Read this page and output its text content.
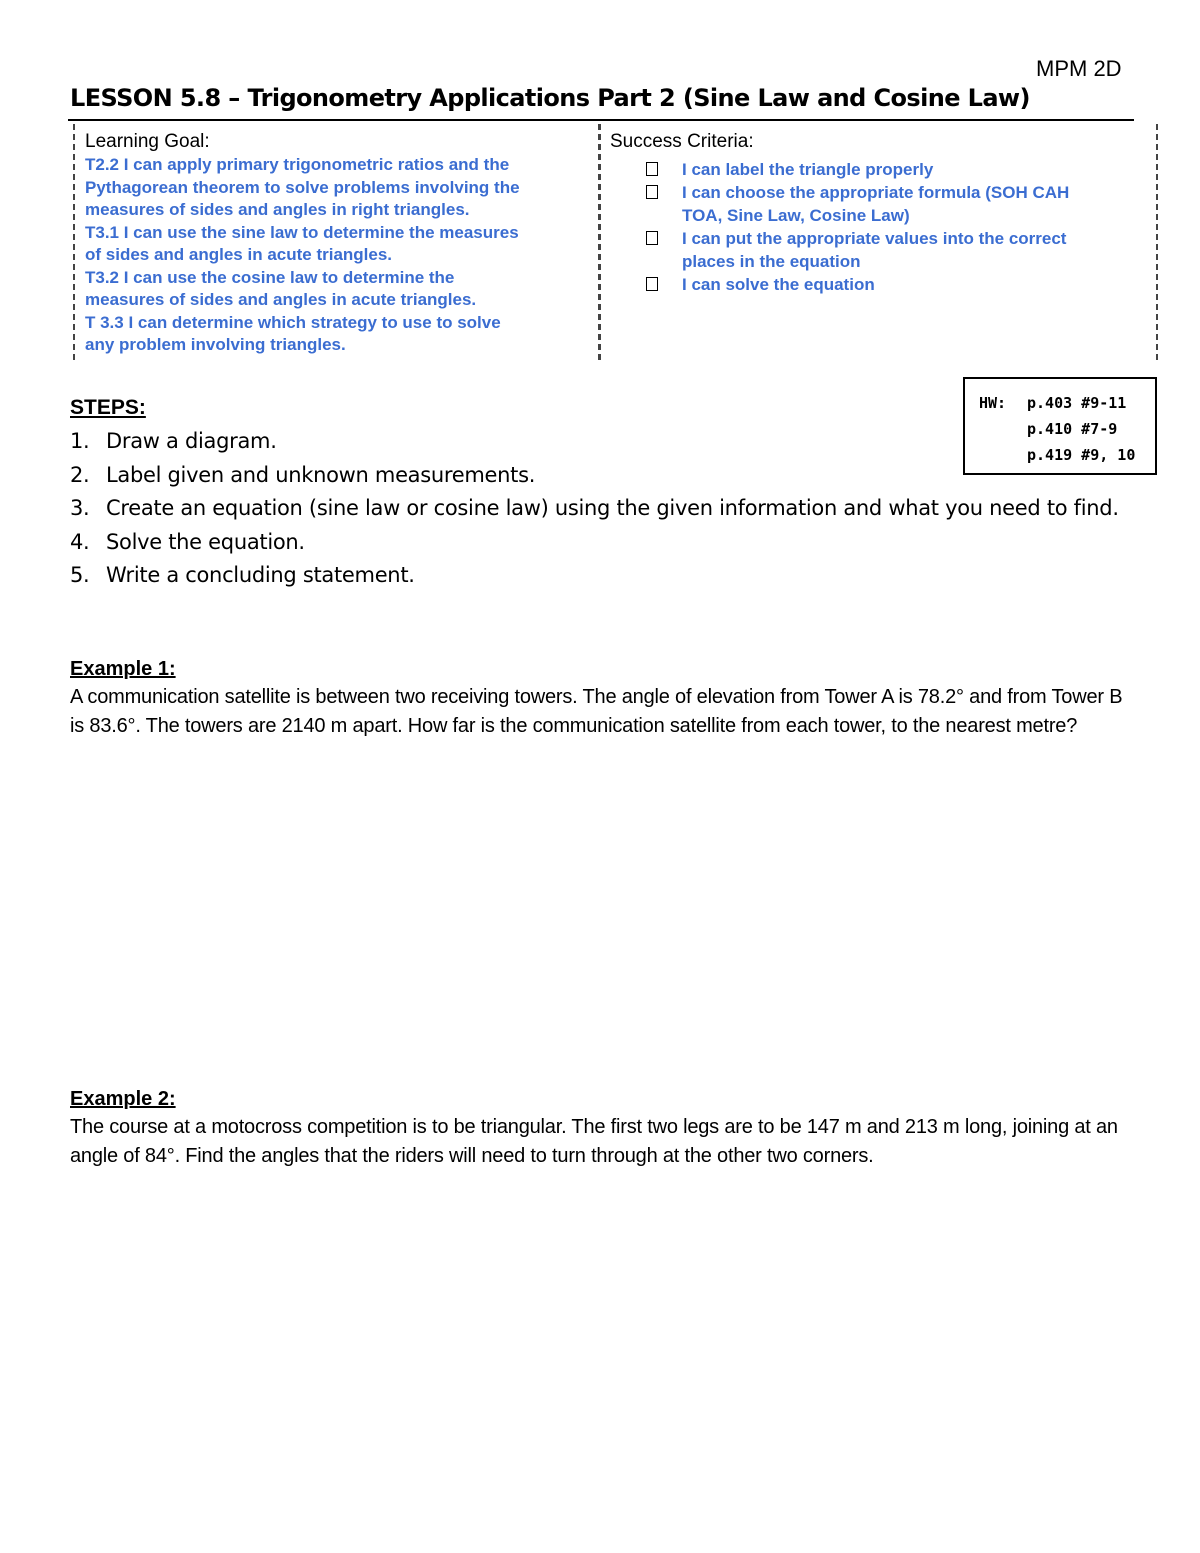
MPM 2D
LESSON 5.8 – Trigonometry Applications Part 2 (Sine Law and Cosine Law)
Learning Goal:
T2.2 I can apply primary trigonometric ratios and the
Pythagorean theorem to solve problems involving the
measures of sides and angles in right triangles.
T3.1 I can use the sine law to determine the measures
of sides and angles in acute triangles.
T3.2 I can use the cosine law to determine the
measures of sides and angles in acute triangles.
T 3.3 I can determine which strategy to use to solve
any problem involving triangles.
Success Criteria:
I can label the triangle properly
I can choose the appropriate formula (SOH CAH
TOA, Sine Law, Cosine Law)
I can put the appropriate values into the correct
places in the equation
I can solve the equation
HW:	p.403 #9-11
p.410 #7-9
p.419 #9, 10
STEPS:
1. Draw a diagram.
2. Label given and unknown measurements.
3. Create an equation (sine law or cosine law) using the given information and what you need to find.
4. Solve the equation.
5. Write a concluding statement.
Example 1:
A communication satellite is between two receiving towers. The angle of elevation from Tower A is 78.2° and from Tower B is 83.6°. The towers are 2140 m apart. How far is the communication satellite from each tower, to the nearest metre?
Example 2:
The course at a motocross competition is to be triangular. The first two legs are to be 147 m and 213 m long, joining at an angle of 84°. Find the angles that the riders will need to turn through at the other two corners.
